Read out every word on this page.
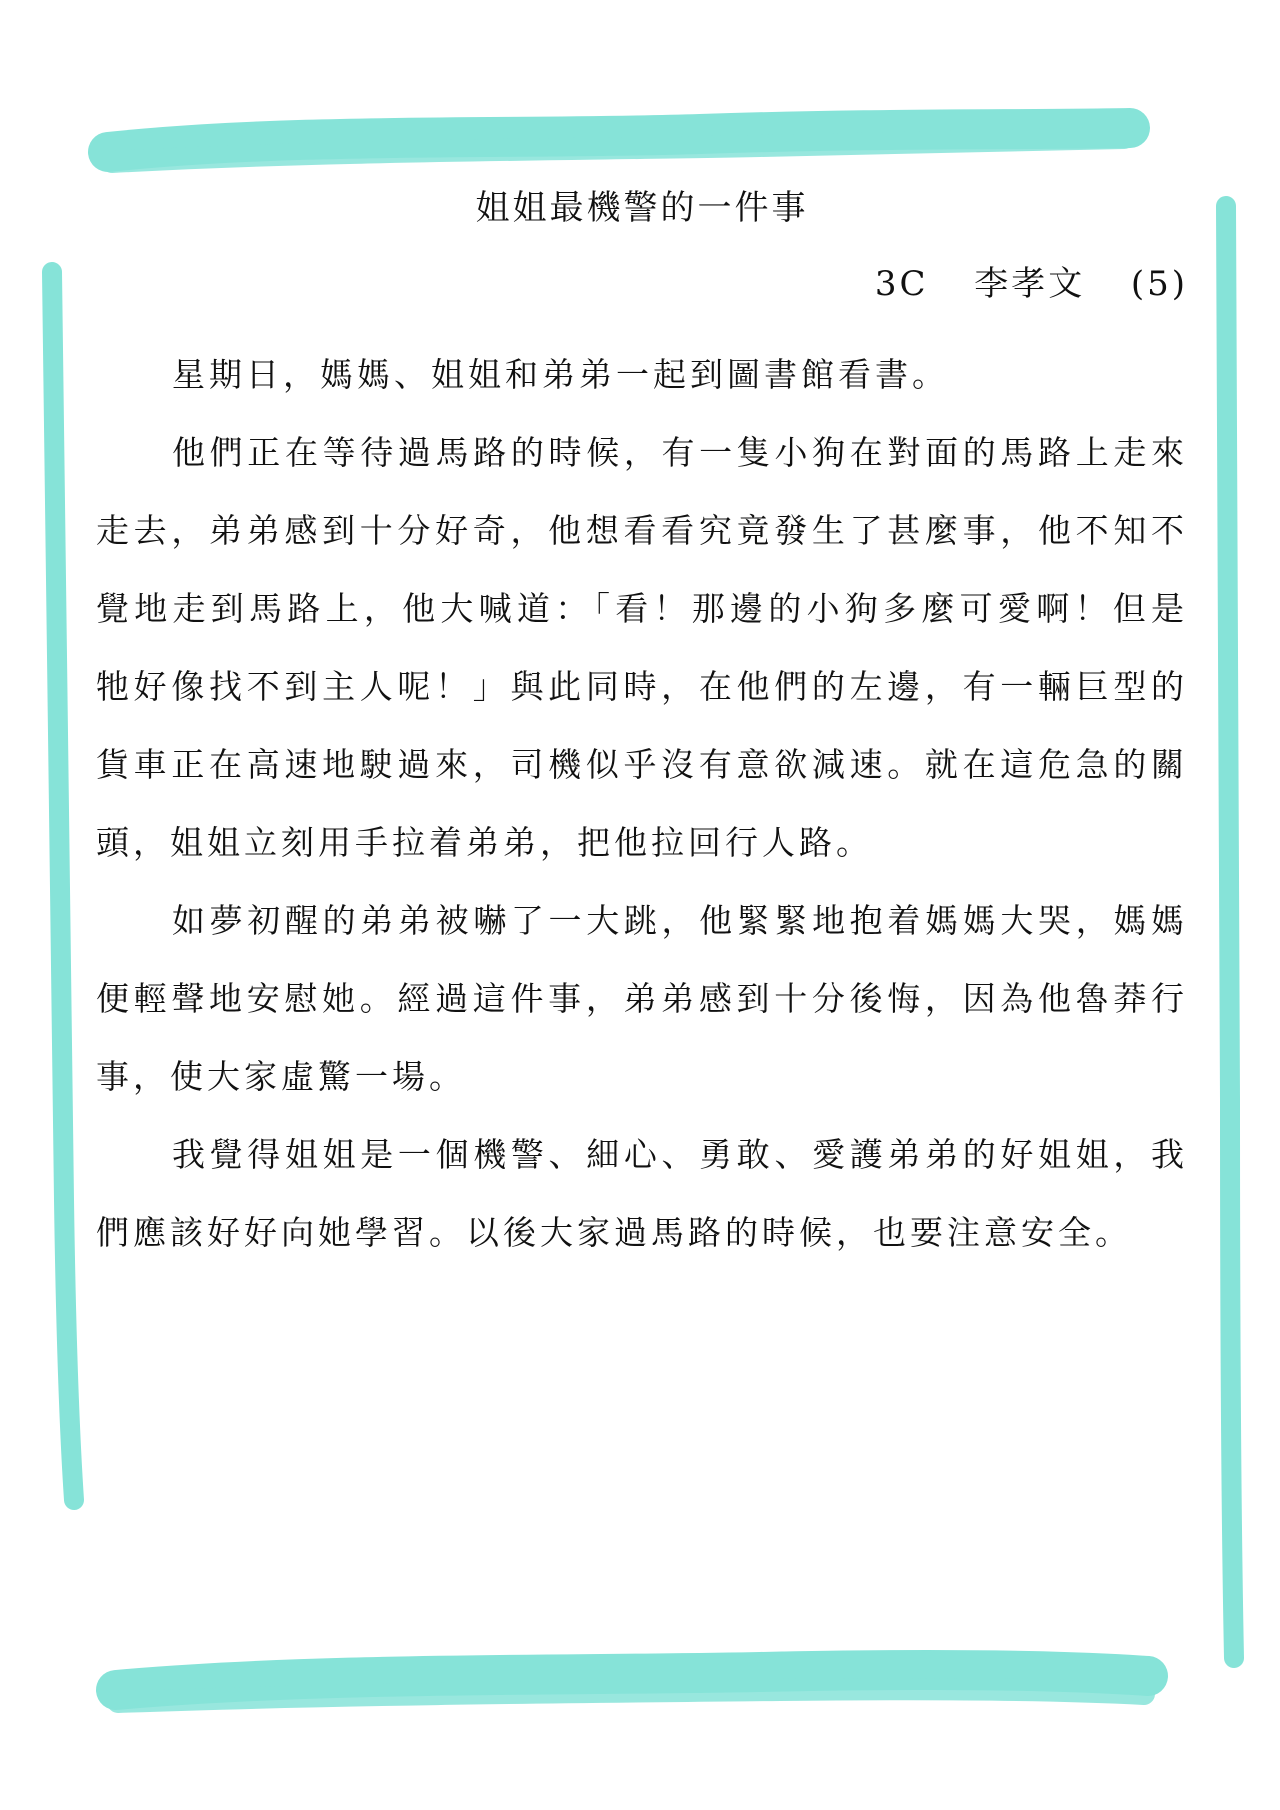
姐姐最機警的一件事
3C 李孝文 (5)

星期日，媽媽、姐姐和弟弟一起到圖書館看書。

他們正在等待過馬路的時候，有一隻小狗在對面的馬路上走來走去，弟弟感到十分好奇，他想看看究竟發生了甚麼事，他不知不覺地走到馬路上，他大喊道：「看！那邊的小狗多麼可愛啊！但是牠好像找不到主人呢！」與此同時，在他們的左邊，有一輛巨型的貨車正在高速地駛過來，司機似乎沒有意欲減速。就在這危急的關頭，姐姐立刻用手拉着弟弟，把他拉回行人路。

如夢初醒的弟弟被嚇了一大跳，他緊緊地抱着媽媽大哭，媽媽便輕聲地安慰她。經過這件事，弟弟感到十分後悔，因為他魯莽行事，使大家虛驚一場。

我覺得姐姐是一個機警、細心、勇敢、愛護弟弟的好姐姐，我們應該好好向她學習。以後大家過馬路的時候，也要注意安全。
